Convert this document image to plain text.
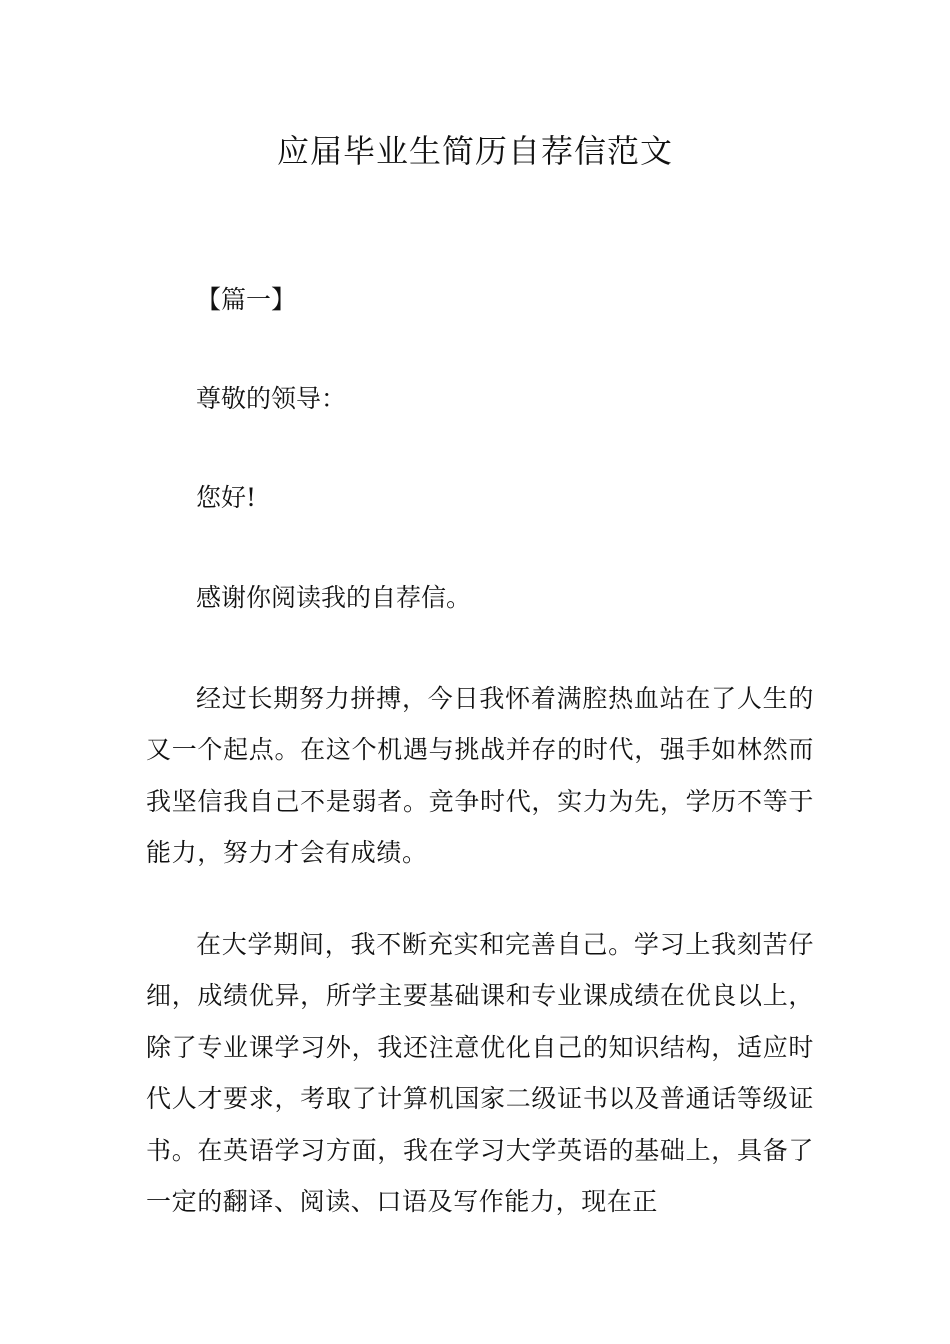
应届毕业生简历自荐信范文
【篇一】
尊敬的领导：
您好!
感谢你阅读我的自荐信。
经过长期努力拼搏，今日我怀着满腔热血站在了人生的又一个起点。在这个机遇与挑战并存的时代，强手如林然而我坚信我自己不是弱者。竞争时代，实力为先，学历不等于能力，努力才会有成绩。
在大学期间，我不断充实和完善自己。学习上我刻苦仔细，成绩优异，所学主要基础课和专业课成绩在优良以上，除了专业课学习外，我还注意优化自己的知识结构，适应时代人才要求，考取了计算机国家二级证书以及普通话等级证书。在英语学习方面，我在学习大学英语的基础上，具备了一定的翻译、阅读、口语及写作能力，现在正
